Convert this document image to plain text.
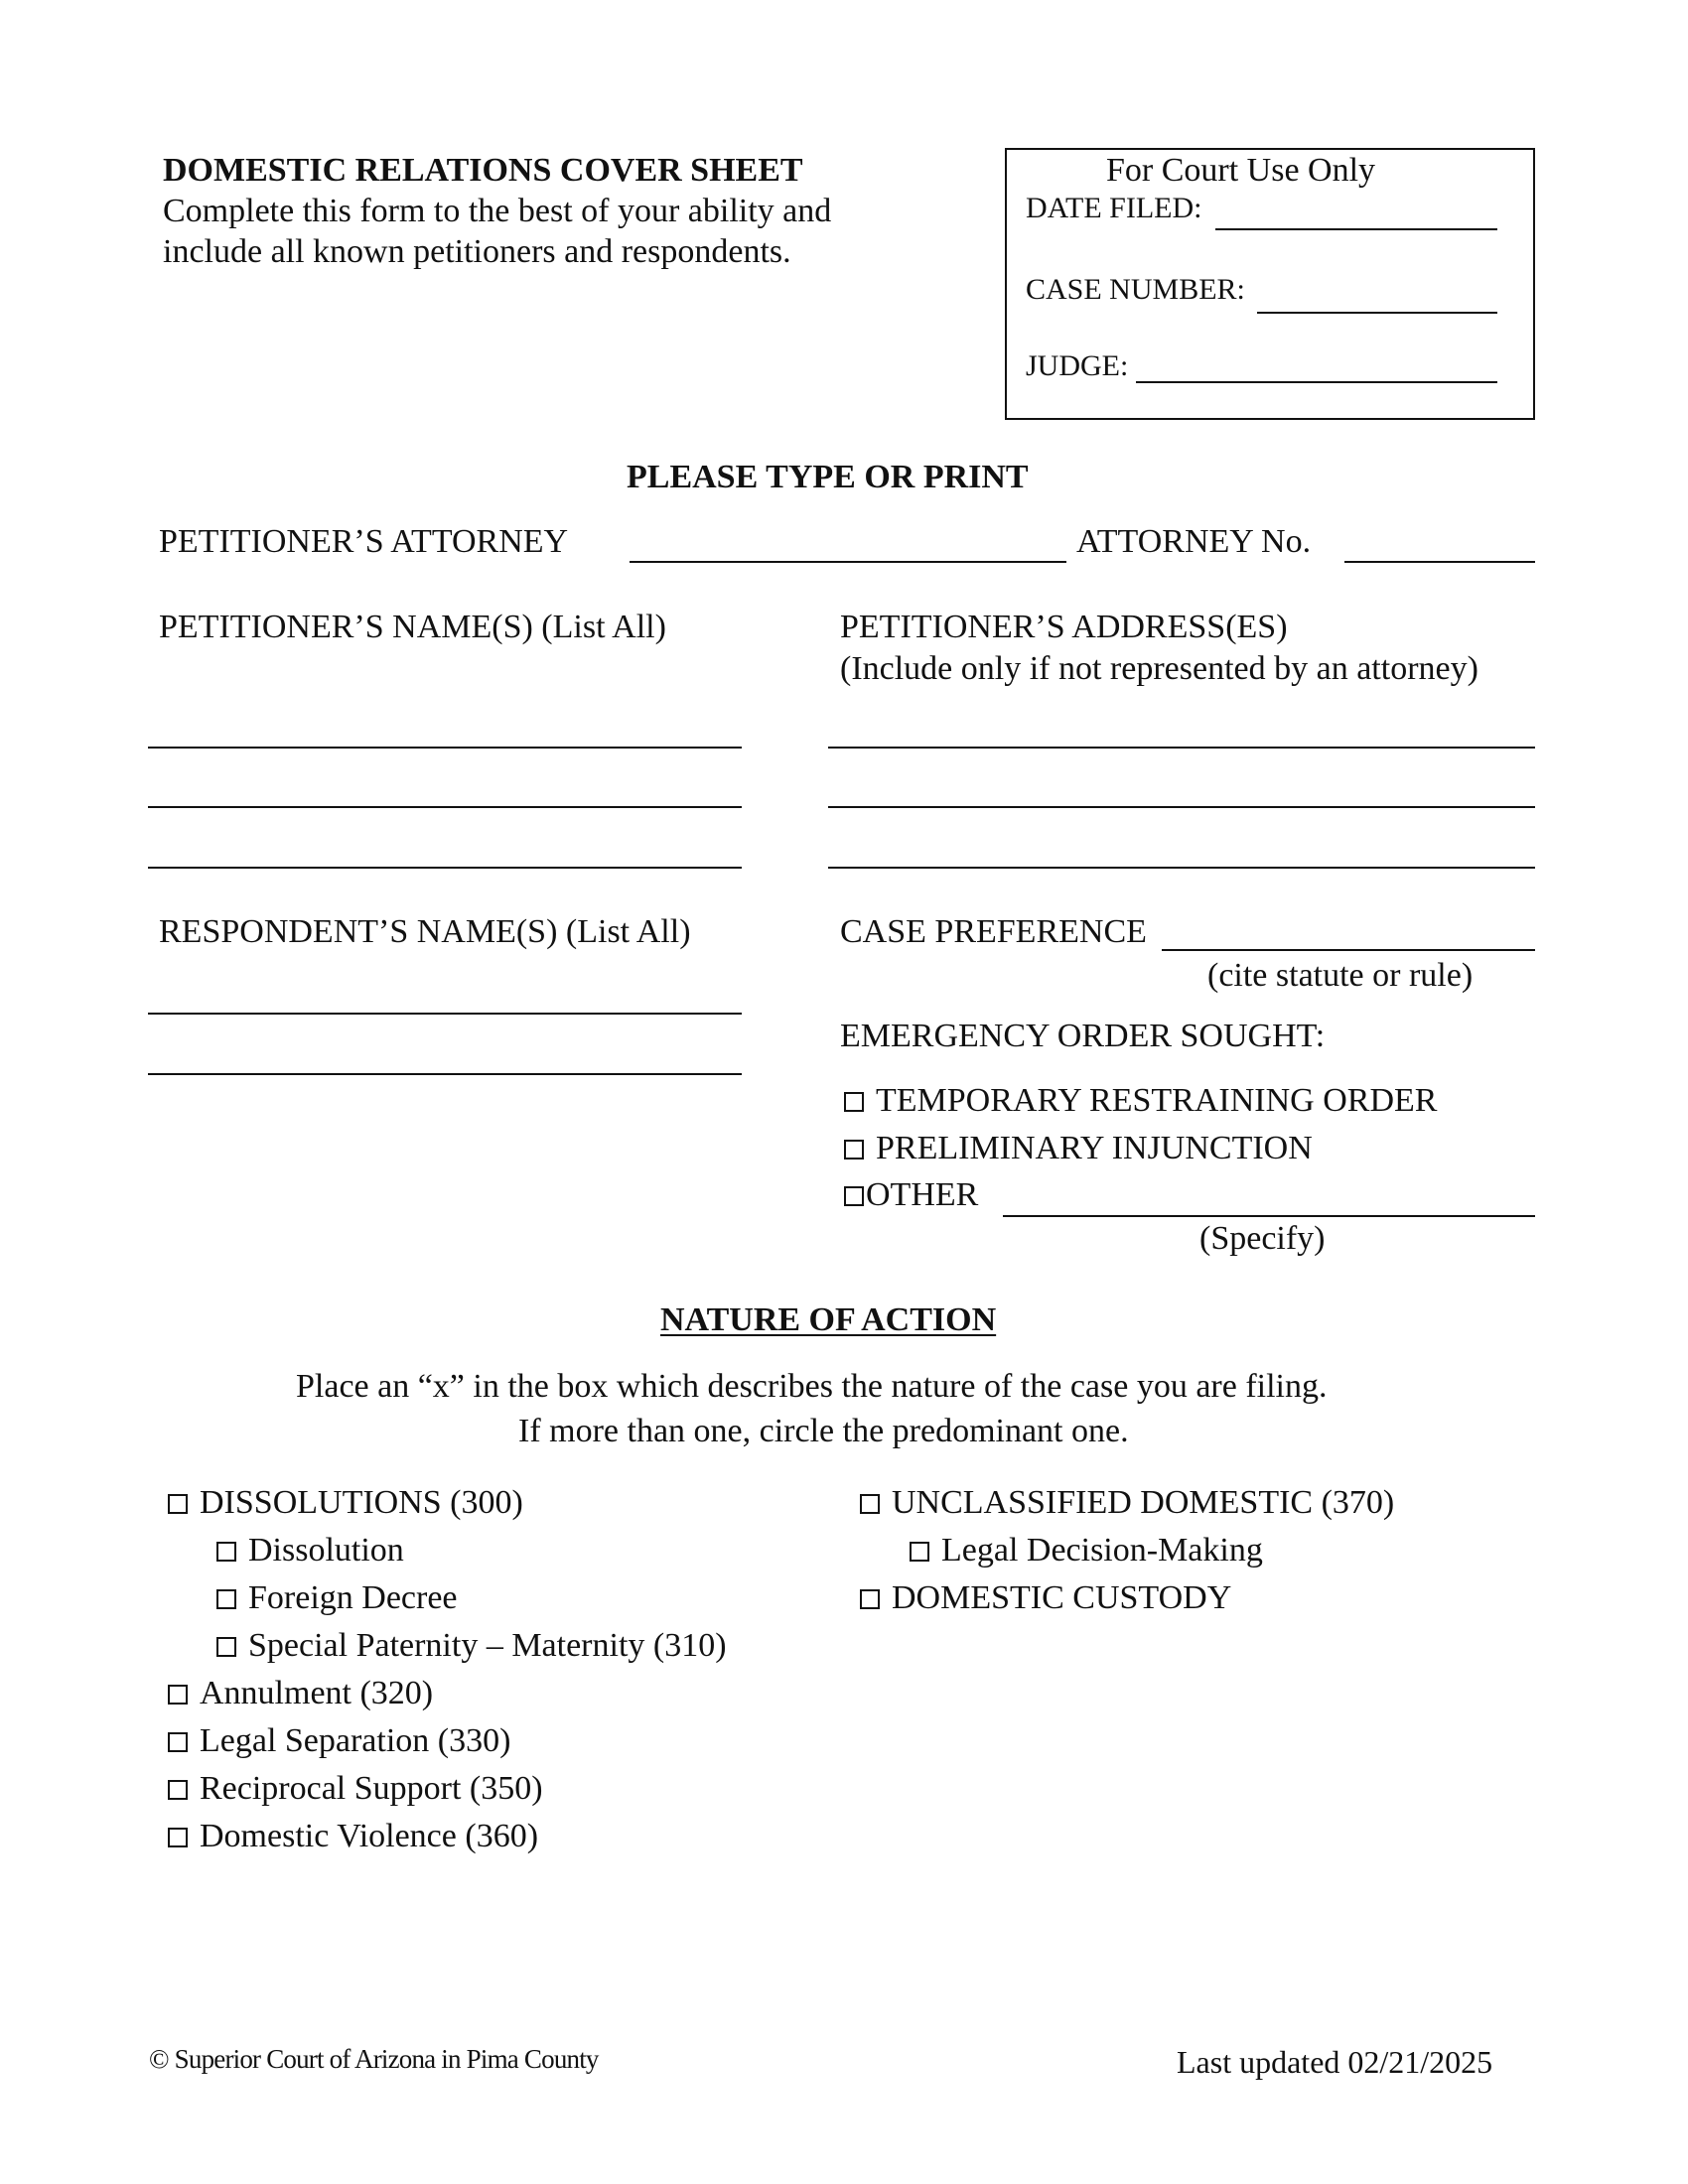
DOMESTIC RELATIONS COVER SHEET
Complete this form to the best of your ability and
include all known petitioners and respondents.
For Court Use Only
DATE FILED:
CASE NUMBER:
JUDGE:
PLEASE TYPE OR PRINT
PETITIONER’S ATTORNEY	ATTORNEY No.
PETITIONER’S NAME(S) (List All)	PETITIONER’S ADDRESS(ES)
(Include only if not represented by an attorney)
RESPONDENT’S NAME(S) (List All)	CASE PREFERENCE
(cite statute or rule)
EMERGENCY ORDER SOUGHT:
TEMPORARY RESTRAINING ORDER
PRELIMINARY INJUNCTION
OTHER
(Specify)
NATURE OF ACTION
Place an “x” in the box which describes the nature of the case you are filing.
If more than one, circle the predominant one.
DISSOLUTIONS (300)
Dissolution
Foreign Decree
Special Paternity – Maternity (310)
Annulment (320)
Legal Separation (330)
Reciprocal Support (350)
Domestic Violence (360)
UNCLASSIFIED DOMESTIC (370)
Legal Decision-Making
DOMESTIC CUSTODY
© Superior Court of Arizona in Pima County	Last updated 02/21/2025
